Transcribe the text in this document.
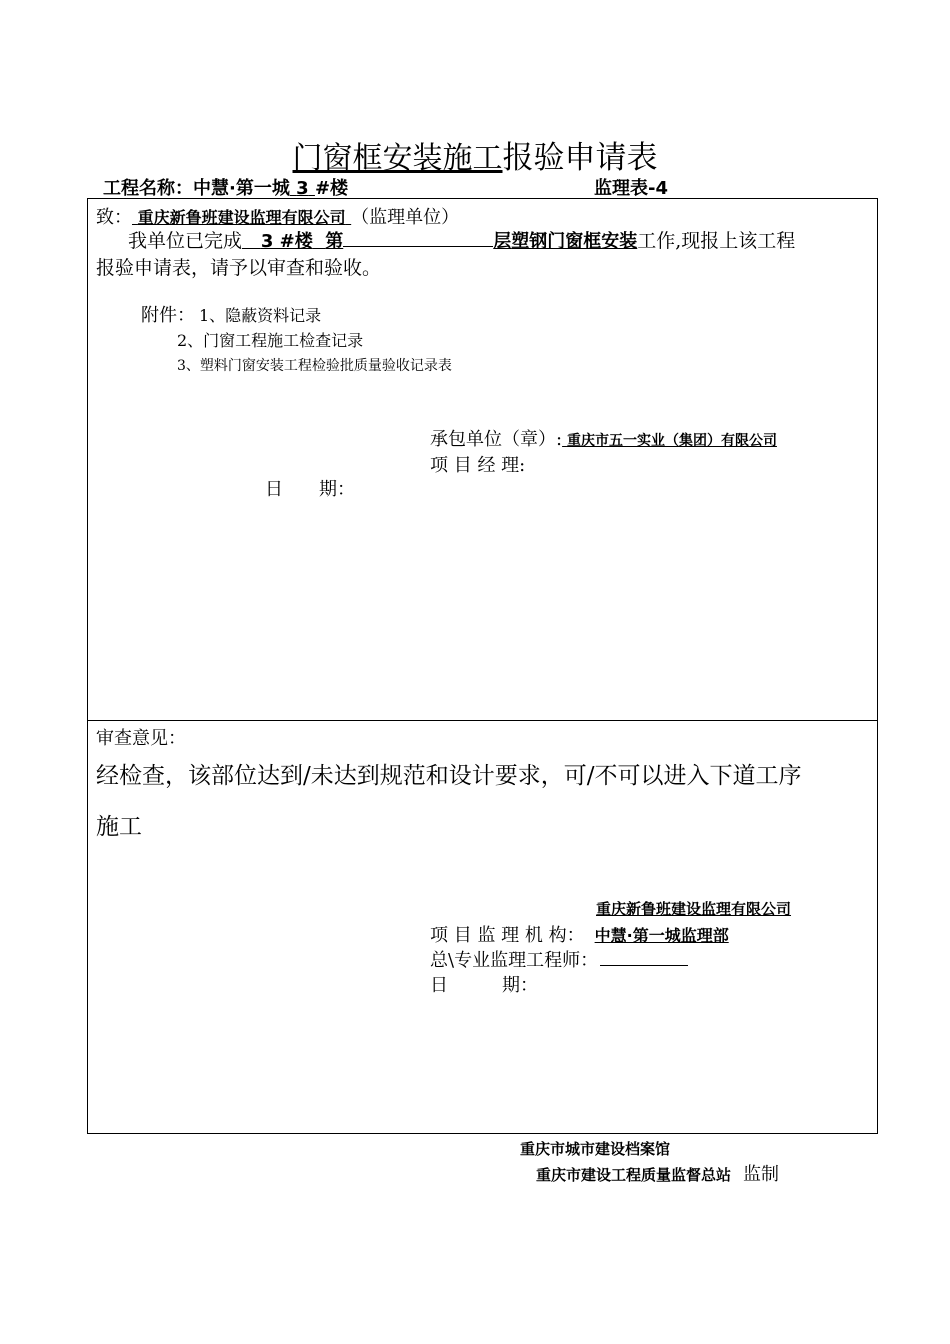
门窗框安装施工报验申请表
工程名称：中慧·第一城 3 #楼	监理表-4
致： 重庆新鲁班建设监理有限公司 （监理单位）
我单位已完成 3 #楼 第	层塑钢门窗框安装工作,现报上该工程
报验申请表，请予以审查和验收。
附件： 1、隐蔽资料记录
2、门窗工程施工检查记录
3、塑料门窗安装工程检验批质量验收记录表
承包单位（章）: 重庆市五一实业（集团）有限公司
项 目 经 理:
日　　期：
审查意见：
经检查，该部位达到/未达到规范和设计要求，可/不可以进入下道工序
施工
重庆新鲁班建设监理有限公司
项 目 监 理 机 构： 中慧·第一城监理部
总\专业监理工程师：
日　　　期：
重庆市城市建设档案馆
重庆市建设工程质量监督总站 监制
